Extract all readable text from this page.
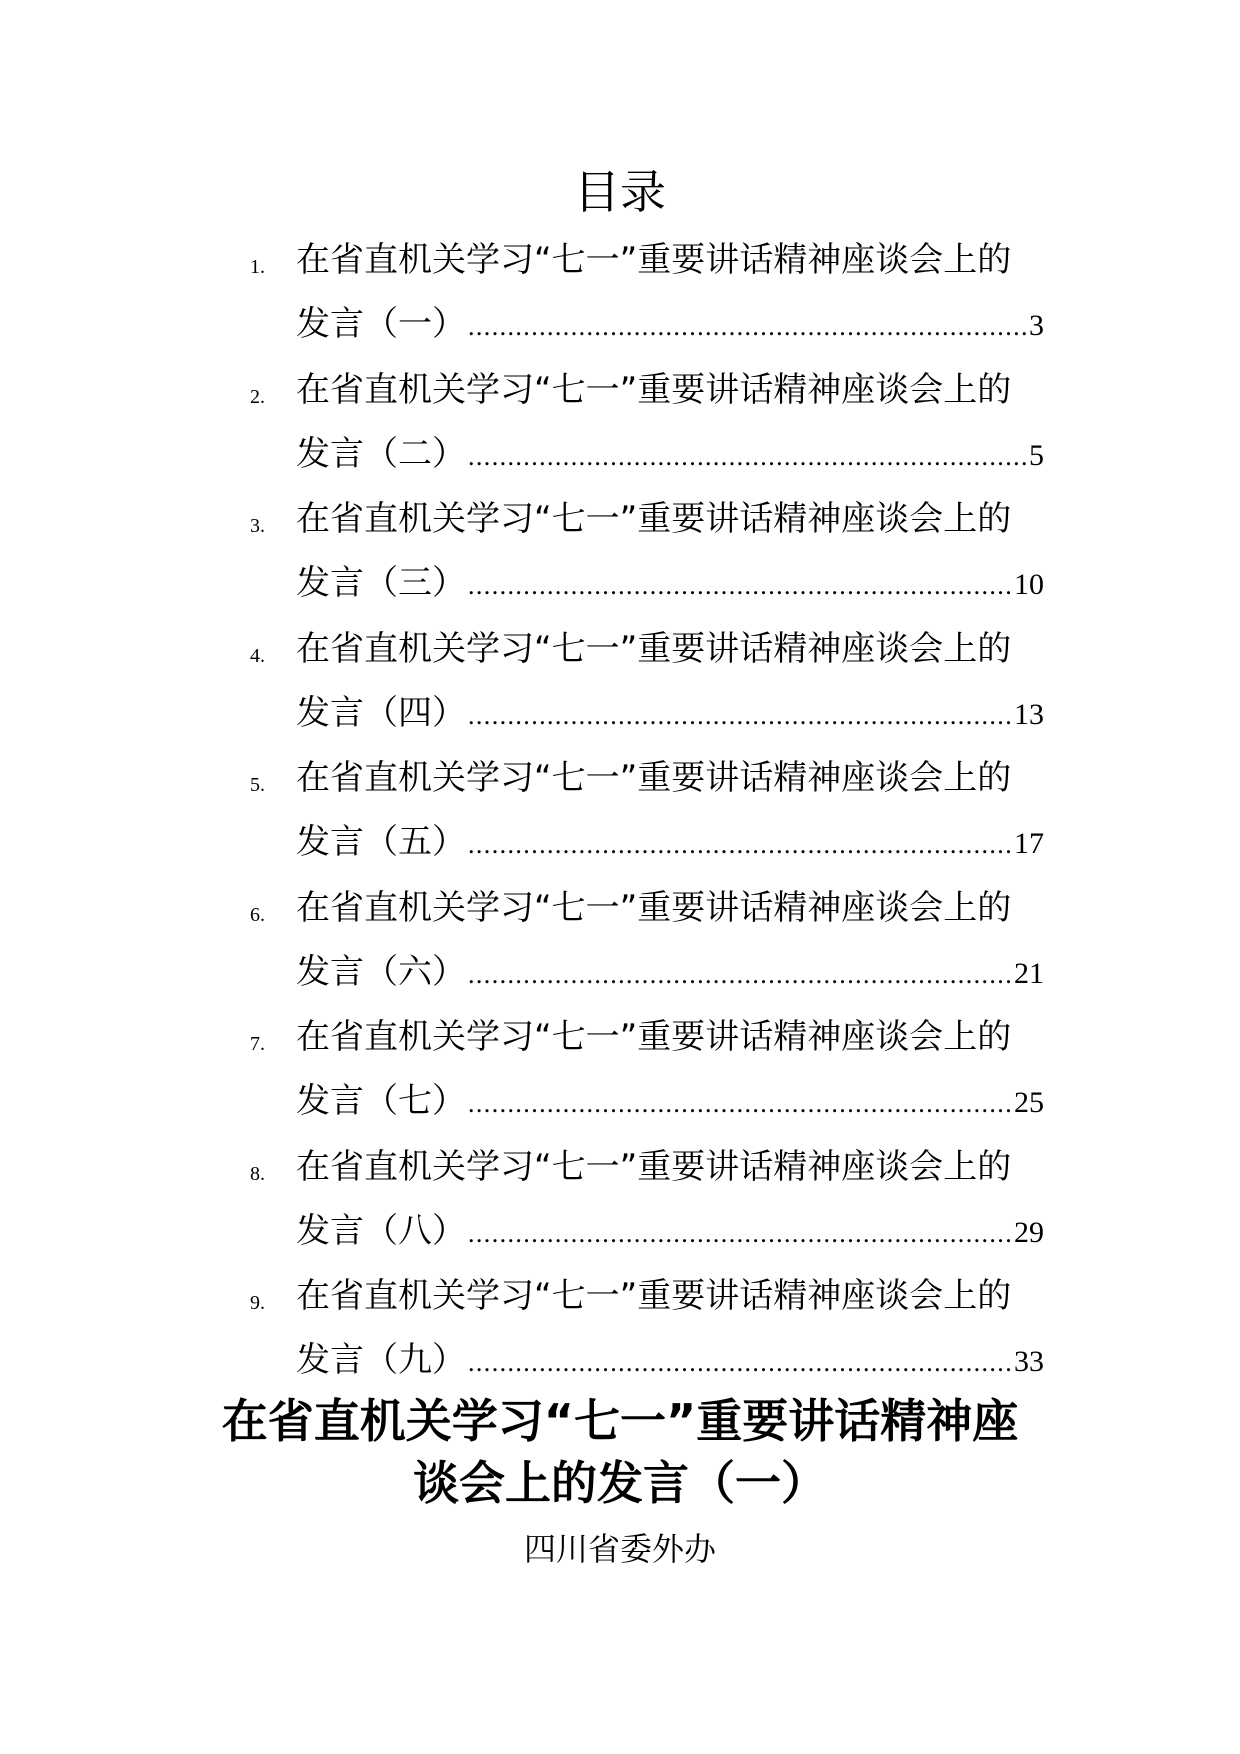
目录
1. 在省直机关学习“七一”重要讲话精神座谈会上的
发言（一） .....	3
2. 在省直机关学习“七一”重要讲话精神座谈会上的
发言（二） .....	5
3. 在省直机关学习“七一”重要讲话精神座谈会上的
发言（三） .....	10
4. 在省直机关学习“七一”重要讲话精神座谈会上的
发言（四） .....	13
5. 在省直机关学习“七一”重要讲话精神座谈会上的
发言（五） .....	17
6. 在省直机关学习“七一”重要讲话精神座谈会上的
发言（六） .....	21
7. 在省直机关学习“七一”重要讲话精神座谈会上的
发言（七） .....	25
8. 在省直机关学习“七一”重要讲话精神座谈会上的
发言（八） .....	29
9. 在省直机关学习“七一”重要讲话精神座谈会上的
发言（九） .....	33
在省直机关学习“七一”重要讲话精神座
谈会上的发言（一）
四川省委外办
